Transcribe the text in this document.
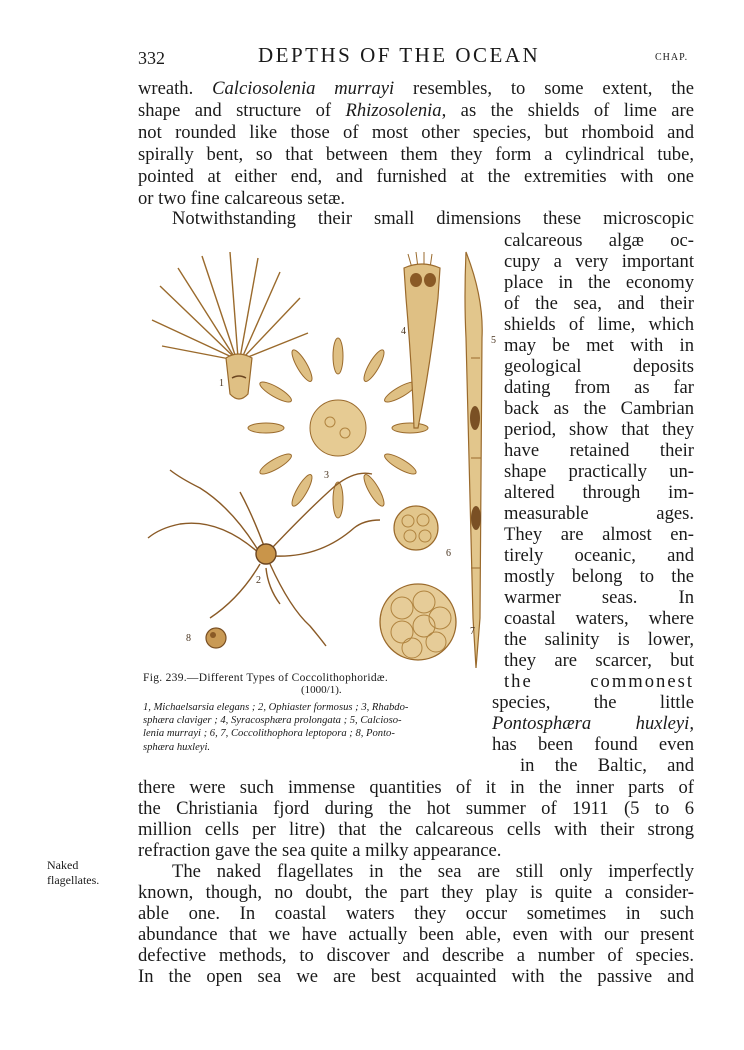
332	DEPTHS OF THE OCEAN	CHAP.
wreath. Calciosolenia murrayi resembles, to some extent, the
shape and structure of Rhizosolenia, as the shields of lime are
not rounded like those of most other species, but rhomboid and
spirally bent, so that between them they form a cylindrical tube,
pointed at either end, and furnished at the extremities with one
or two fine calcareous setæ.
Notwithstanding their small dimensions these microscopic
calcareous algæ oc-
cupy a very important
place in the economy
of the sea, and their
shields of lime, which
may be met with in
geological deposits
dating from as far
back as the Cambrian
period, show that they
have retained their
shape practically un-
altered through im-
measurable ages.
They are almost en-
tirely oceanic, and
mostly belong to the
warmer seas. In
coastal waters, where
the salinity is lower,
they are scarcer, but
the commonest
species, the little
Pontosphæra huxleyi,
has been found even
in the Baltic, and
there were such immense quantities of it in the inner parts of
the Christiania fjord during the hot summer of 1911 (5 to 6
million cells per litre) that the calcareous cells with their strong
refraction gave the sea quite a milky appearance.
The naked flagellates in the sea are still only imperfectly
known, though, no doubt, the part they play is quite a consider-
able one. In coastal waters they occur sometimes in such
abundance that we have actually been able, even with our present
defective methods, to discover and describe a number of species.
In the open sea we are best acquainted with the passive and
Naked
flagellates.
1
2
3
4
5
6
7
8
Fig. 239.—Different Types of Coccolithophoridæ.
(1000/1).
1, Michaelsarsia elegans ; 2, Ophiaster formosus ; 3, Rhabdo-
sphæra claviger ; 4, Syracosphæra prolongata ; 5, Calcioso-
lenia murrayi ; 6, 7, Coccolithophora leptopora ; 8, Ponto-
sphæra huxleyi.
